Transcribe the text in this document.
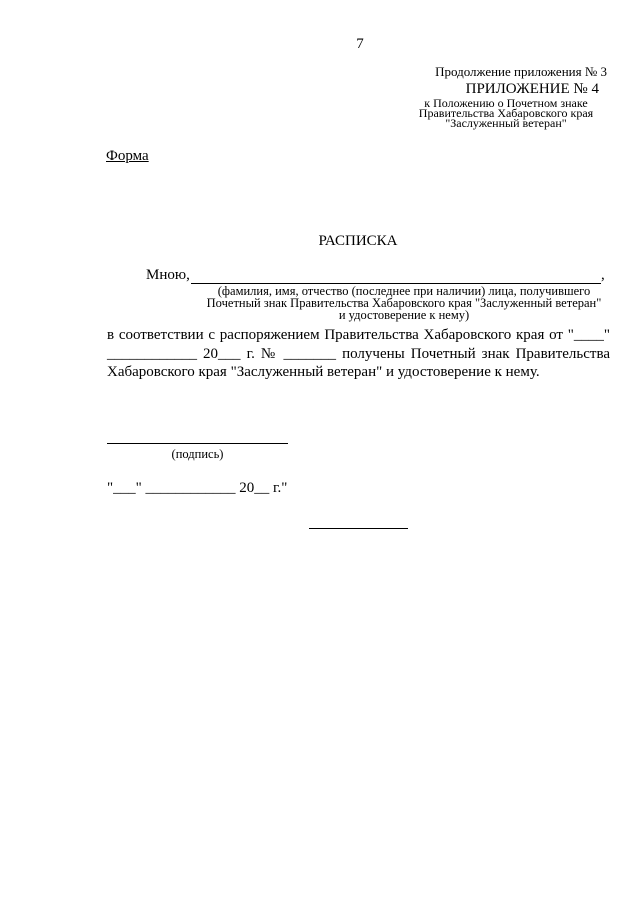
7
Продолжение приложения № 3
ПРИЛОЖЕНИЕ № 4
к Положению о Почетном знаке
Правительства Хабаровского края
"Заслуженный ветеран"
Форма
РАСПИСКА
Мною,	,
(фамилия, имя, отчество (последнее при наличии) лица, получившего
Почетный знак Правительства Хабаровского края "Заслуженный ветеран"
и удостоверение к нему)
в соответствии с распоряжением Правительства Хабаровского края от "____" ____________ 20___ г. № _______ получены Почетный знак Правительства Хабаровского края "Заслуженный ветеран" и удостоверение к нему.
(подпись)
"___" ____________ 20__ г."
